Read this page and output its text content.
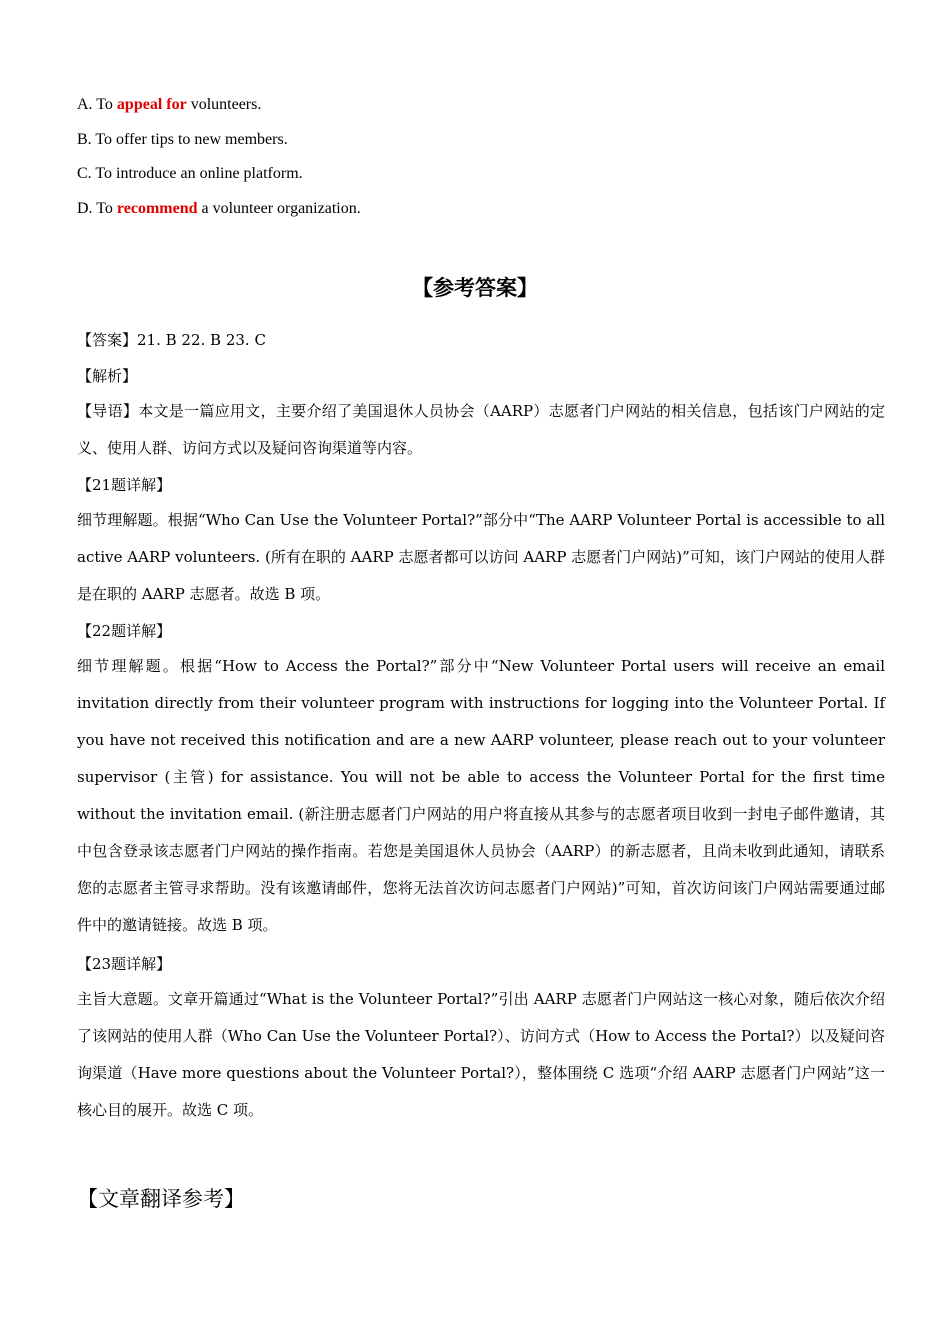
A. To appeal for volunteers.
B. To offer tips to new members.
C. To introduce an online platform.
D. To recommend a volunteer organization.
【参考答案】
【答案】21. B 22. B 23. C
【解析】
【导语】本文是一篇应用文，主要介绍了美国退休人员协会（AARP）志愿者门户网站的相关信息，包括该门户网站的定义、使用人群、访问方式以及疑问咨询渠道等内容。
【21题详解】
细节理解题。根据“Who Can Use the Volunteer Portal?”部分中“The AARP Volunteer Portal is accessible to all active AARP volunteers. (所有在职的 AARP 志愿者都可以访问 AARP 志愿者门户网站)”可知，该门户网站的使用人群是在职的 AARP 志愿者。故选 B 项。
【22题详解】
细节理解题。根据“How to Access the Portal?”部分中“New Volunteer Portal users will receive an email invitation directly from their volunteer program with instructions for logging into the Volunteer Portal. If you have not received this notification and are a new AARP volunteer, please reach out to your volunteer supervisor (主管) for assistance. You will not be able to access the Volunteer Portal for the first time without the invitation email. (新注册志愿者门户网站的用户将直接从其参与的志愿者项目收到一封电子邮件邀请，其中包含登录该志愿者门户网站的操作指南。若您是美国退休人员协会（AARP）的新志愿者，且尚未收到此通知，请联系您的志愿者主管寻求帮助。没有该邀请邮件，您将无法首次访问志愿者门户网站)”可知，首次访问该门户网站需要通过邮件中的邀请链接。故选 B 项。
【23题详解】
主旨大意题。文章开篇通过“What is the Volunteer Portal?”引出 AARP 志愿者门户网站这一核心对象，随后依次介绍了该网站的使用人群（Who Can Use the Volunteer Portal?）、访问方式（How to Access the Portal?）以及疑问咨询渠道（Have more questions about the Volunteer Portal?），整体围绕 C 选项“介绍 AARP 志愿者门户网站”这一核心目的展开。故选 C 项。
【文章翻译参考】
